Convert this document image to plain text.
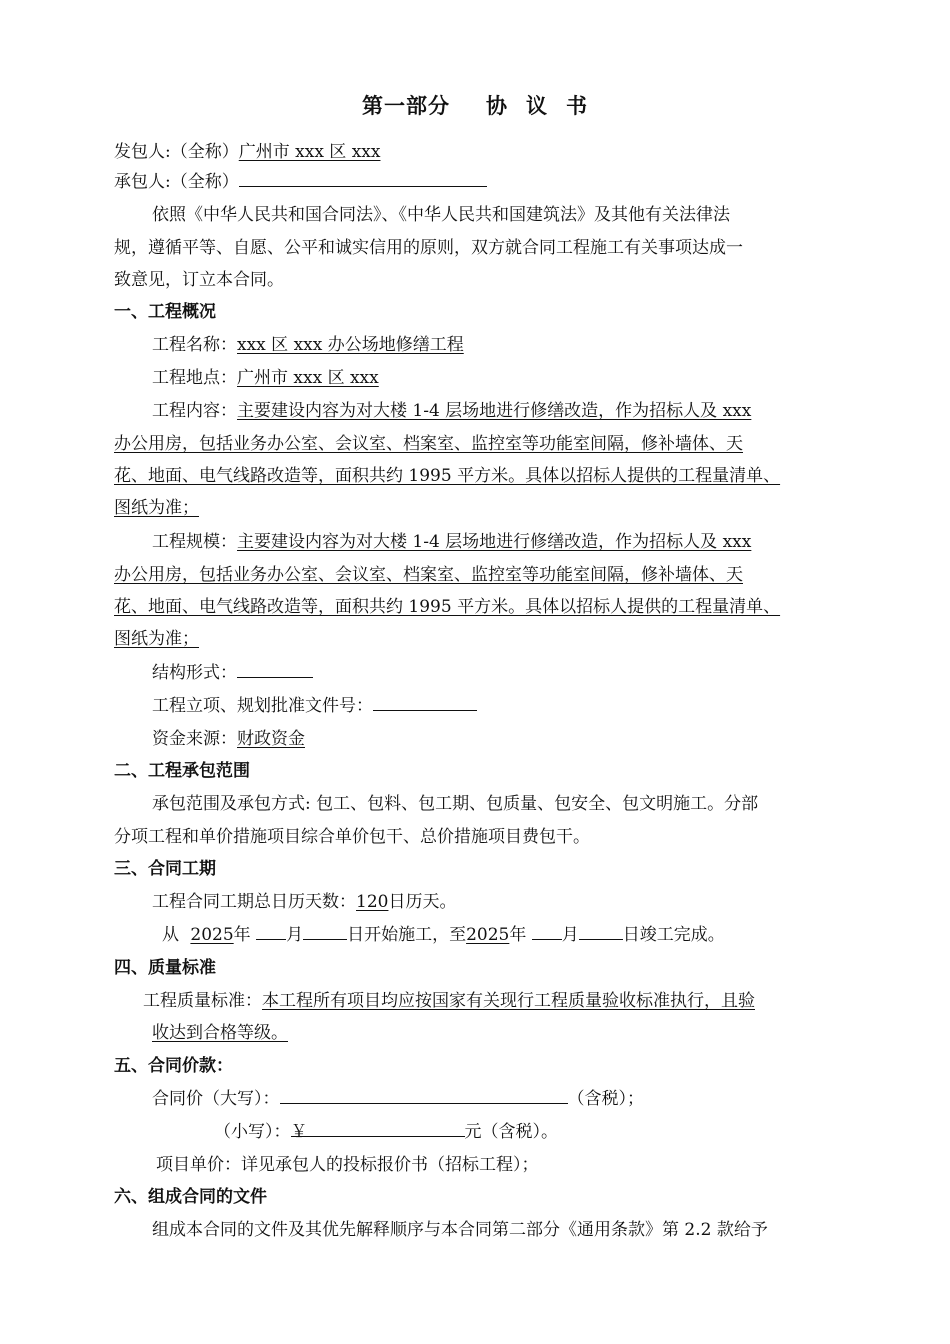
第一部分 协 议 书
发包人:（全称）广州市 xxx 区 xxx
承包人:（全称）
依照《中华人民共和国合同法》、《中华人民共和国建筑法》及其他有关法律法
规，遵循平等、自愿、公平和诚实信用的原则，双方就合同工程施工有关事项达成一
致意见，订立本合同。
一、工程概况
工程名称：xxx 区 xxx 办公场地修缮工程
工程地点：广州市 xxx 区 xxx
工程内容：主要建设内容为对大楼 1-4 层场地进行修缮改造，作为招标人及 xxx
办公用房，包括业务办公室、会议室、档案室、监控室等功能室间隔，修补墙体、天
花、地面、电气线路改造等，面积共约 1995 平方米。具体以招标人提供的工程量清单、
图纸为准；
工程规模：主要建设内容为对大楼 1-4 层场地进行修缮改造，作为招标人及 xxx
办公用房，包括业务办公室、会议室、档案室、监控室等功能室间隔，修补墙体、天
花、地面、电气线路改造等，面积共约 1995 平方米。具体以招标人提供的工程量清单、
图纸为准；
结构形式：
工程立项、规划批准文件号：
资金来源：财政资金
二、工程承包范围
承包范围及承包方式: 包工、包料、包工期、包质量、包安全、包文明施工。分部
分项工程和单价措施项目综合单价包干、总价措施项目费包干。
三、合同工期
工程合同工期总日历天数：120日历天。
从 2025年 月	日开始施工，至2025年 月	日竣工完成。
四、质量标准
工程质量标准：本工程所有项目均应按国家有关现行工程质量验收标准执行，且验
收达到合格等级。
五、合同价款：
合同价（大写）：	（含税）；
（小写）：￥	元（含税）。
项目单价：详见承包人的投标报价书（招标工程）；
六、组成合同的文件
组成本合同的文件及其优先解释顺序与本合同第二部分《通用条款》第 2.2 款给予
